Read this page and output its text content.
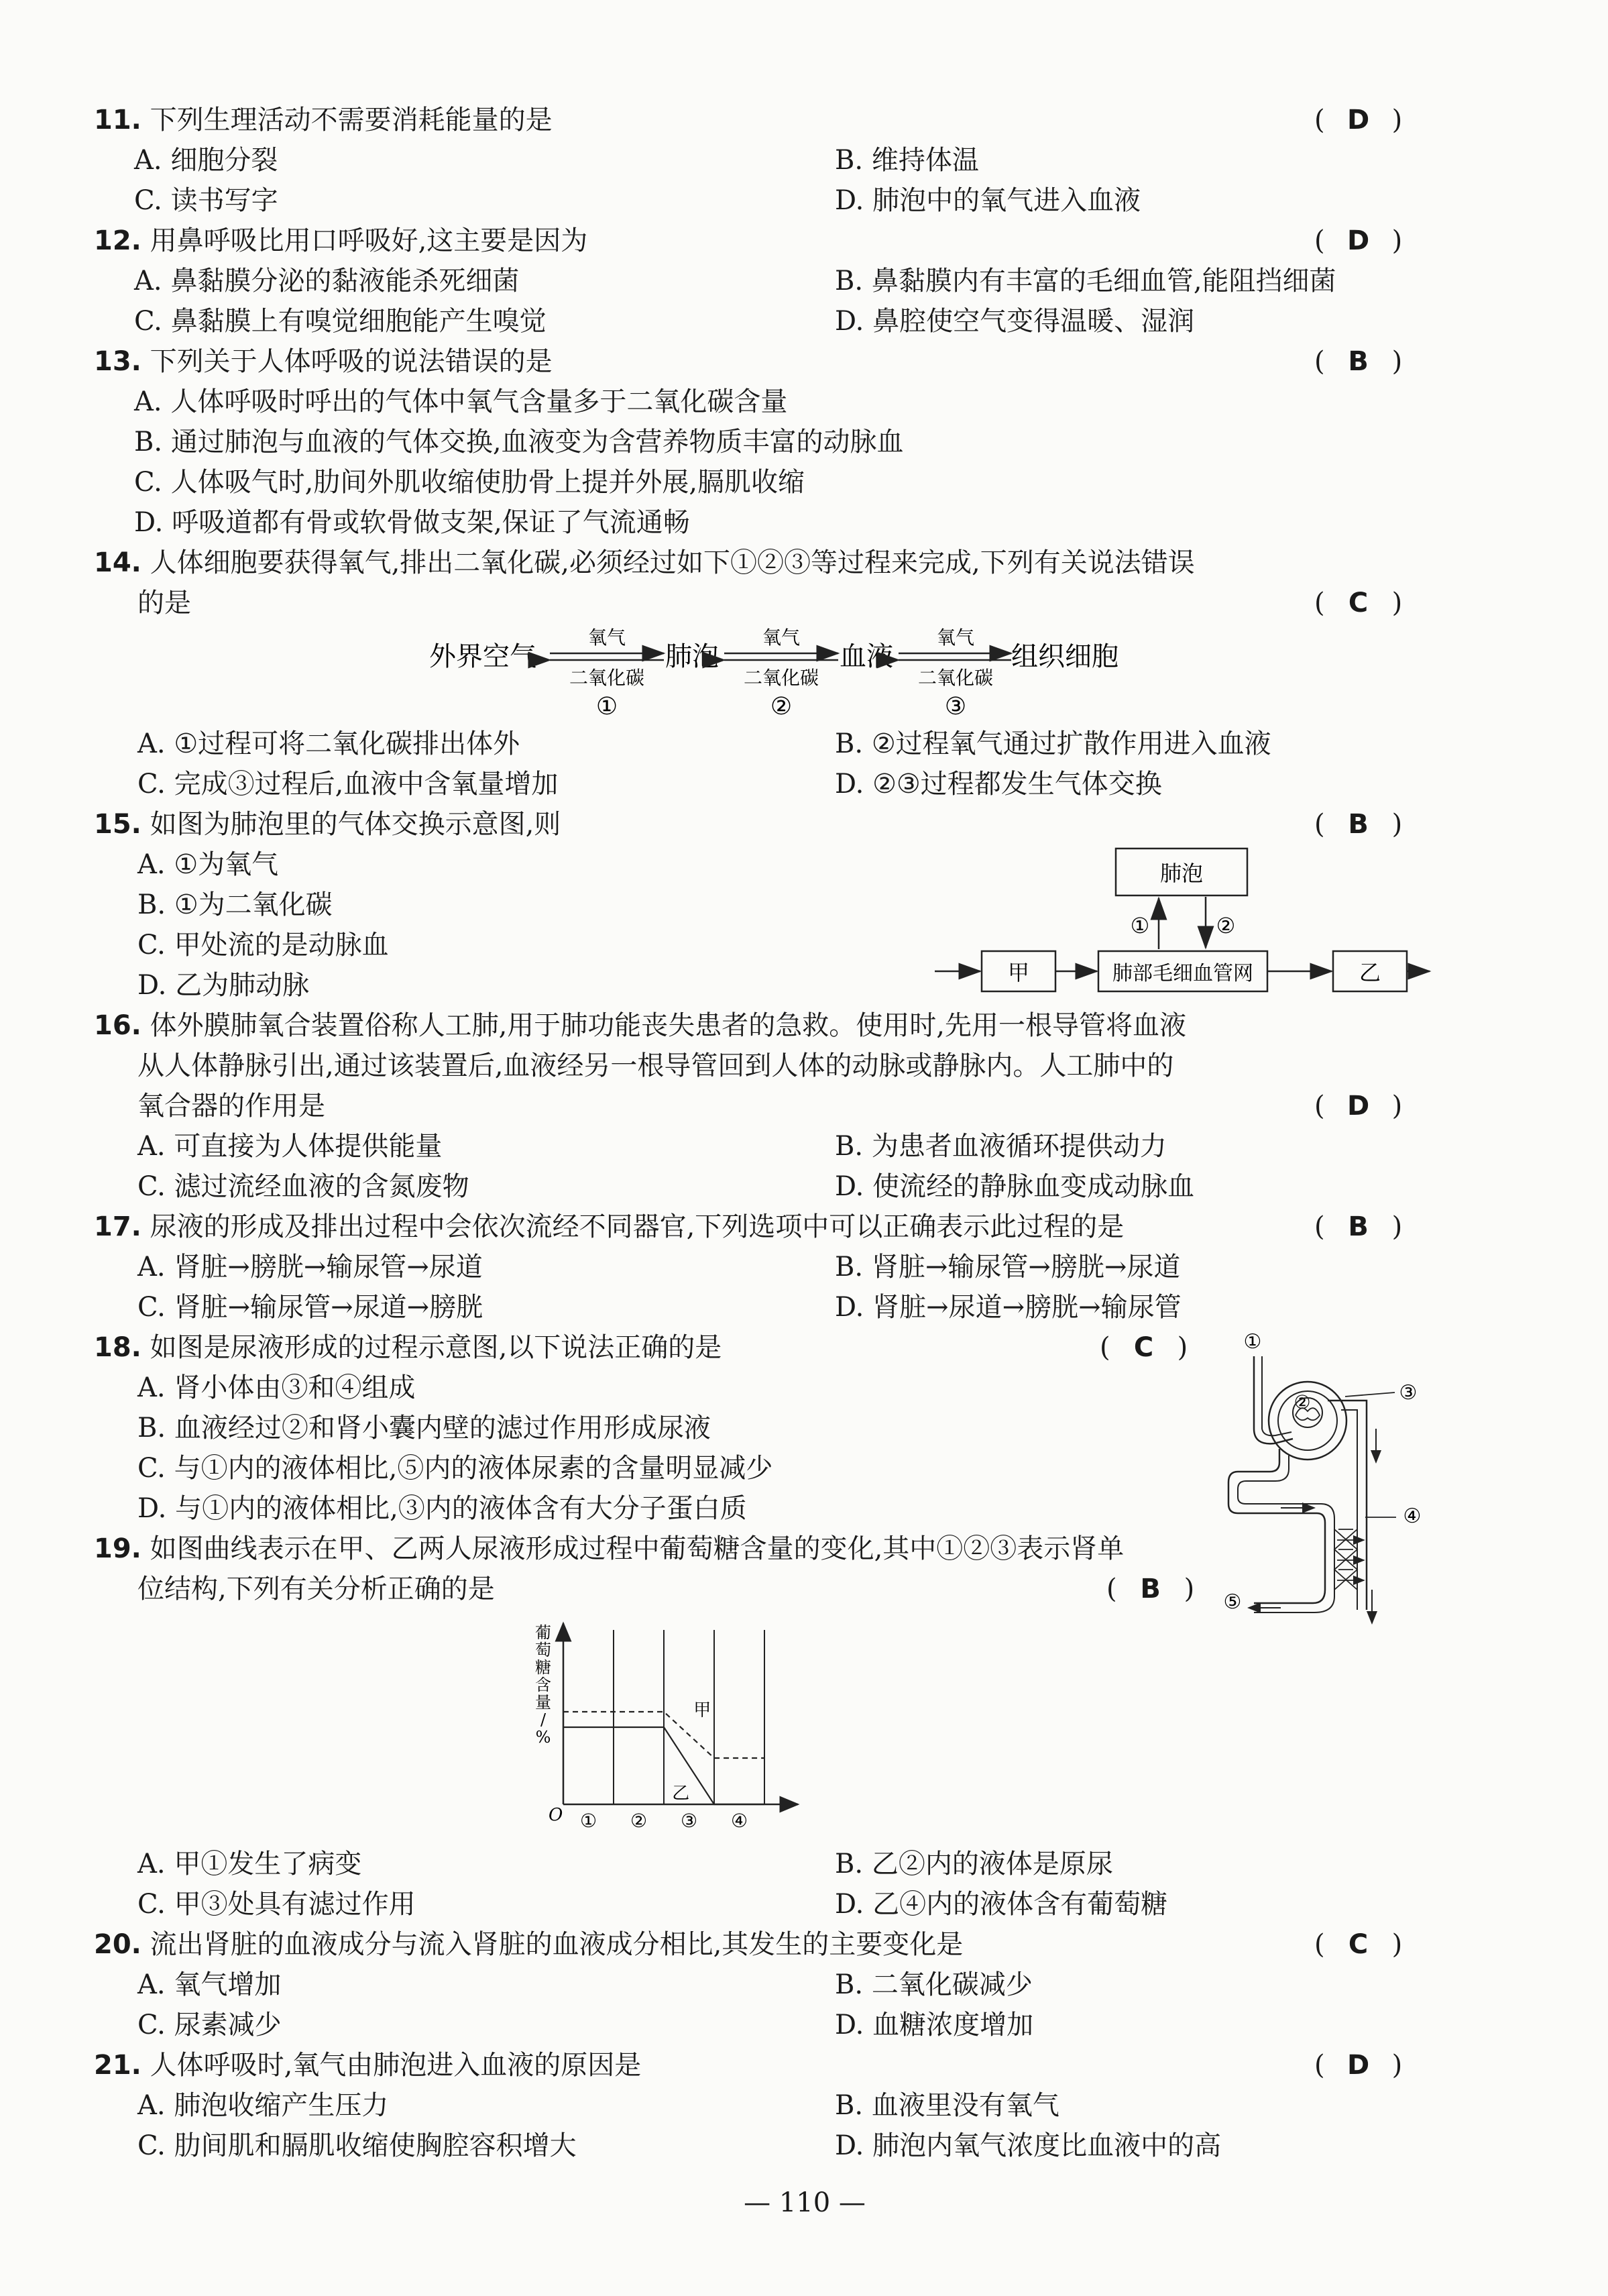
11. 下列生理活动不需要消耗能量的是	( D )
A. 细胞分裂	B. 维持体温
C. 读书写字	D. 肺泡中的氧气进入血液
12. 用鼻呼吸比用口呼吸好,这主要是因为	( D )
A. 鼻黏膜分泌的黏液能杀死细菌	B. 鼻黏膜内有丰富的毛细血管,能阻挡细菌
C. 鼻黏膜上有嗅觉细胞能产生嗅觉	D. 鼻腔使空气变得温暖、湿润
13. 下列关于人体呼吸的说法错误的是	( B )
A. 人体呼吸时呼出的气体中氧气含量多于二氧化碳含量
B. 通过肺泡与血液的气体交换,血液变为含营养物质丰富的动脉血
C. 人体吸气时,肋间外肌收缩使肋骨上提并外展,膈肌收缩
D. 呼吸道都有骨或软骨做支架,保证了气流通畅
14. 人体细胞要获得氧气,排出二氧化碳,必须经过如下①②③等过程来完成,下列有关说法错误
的是	( C )
外界空气	肺泡	血液	组织细胞
氧气
二氧化碳
①
氧气
二氧化碳
②
氧气
二氧化碳
③
A. ①过程可将二氧化碳排出体外	B. ②过程氧气通过扩散作用进入血液
C. 完成③过程后,血液中含氧量增加	D. ②③过程都发生气体交换
15. 如图为肺泡里的气体交换示意图,则	( B )
A. ①为氧气
B. ①为二氧化碳
C. 甲处流的是动脉血
D. 乙为肺动脉
肺泡
①	②
甲	肺部毛细血管网	乙
16. 体外膜肺氧合装置俗称人工肺,用于肺功能丧失患者的急救。使用时,先用一根导管将血液
从人体静脉引出,通过该装置后,血液经另一根导管回到人体的动脉或静脉内。人工肺中的
氧合器的作用是	( D )
A. 可直接为人体提供能量	B. 为患者血液循环提供动力
C. 滤过流经血液的含氮废物	D. 使流经的静脉血变成动脉血
17. 尿液的形成及排出过程中会依次流经不同器官,下列选项中可以正确表示此过程的是	( B )
A. 肾脏→膀胱→输尿管→尿道	B. 肾脏→输尿管→膀胱→尿道
C. 肾脏→输尿管→尿道→膀胱	D. 肾脏→尿道→膀胱→输尿管
18. 如图是尿液形成的过程示意图,以下说法正确的是	( C )
A. 肾小体由③和④组成
B. 血液经过②和肾小囊内壁的滤过作用形成尿液
C. 与①内的液体相比,⑤内的液体尿素的含量明显减少
D. 与①内的液体相比,③内的液体含有大分子蛋白质
①
③
②
④
⑤
19. 如图曲线表示在甲、乙两人尿液形成过程中葡萄糖含量的变化,其中①②③表示肾单
位结构,下列有关分析正确的是	( B )
O
葡
萄
糖
含
量
/
%
① ② ③ ④
甲
乙
A. 甲①发生了病变	B. 乙②内的液体是原尿
C. 甲③处具有滤过作用	D. 乙④内的液体含有葡萄糖
20. 流出肾脏的血液成分与流入肾脏的血液成分相比,其发生的主要变化是	( C )
A. 氧气增加	B. 二氧化碳减少
C. 尿素减少	D. 血糖浓度增加
21. 人体呼吸时,氧气由肺泡进入血液的原因是	( D )
A. 肺泡收缩产生压力	B. 血液里没有氧气
C. 肋间肌和膈肌收缩使胸腔容积增大	D. 肺泡内氧气浓度比血液中的高
— 110 —
